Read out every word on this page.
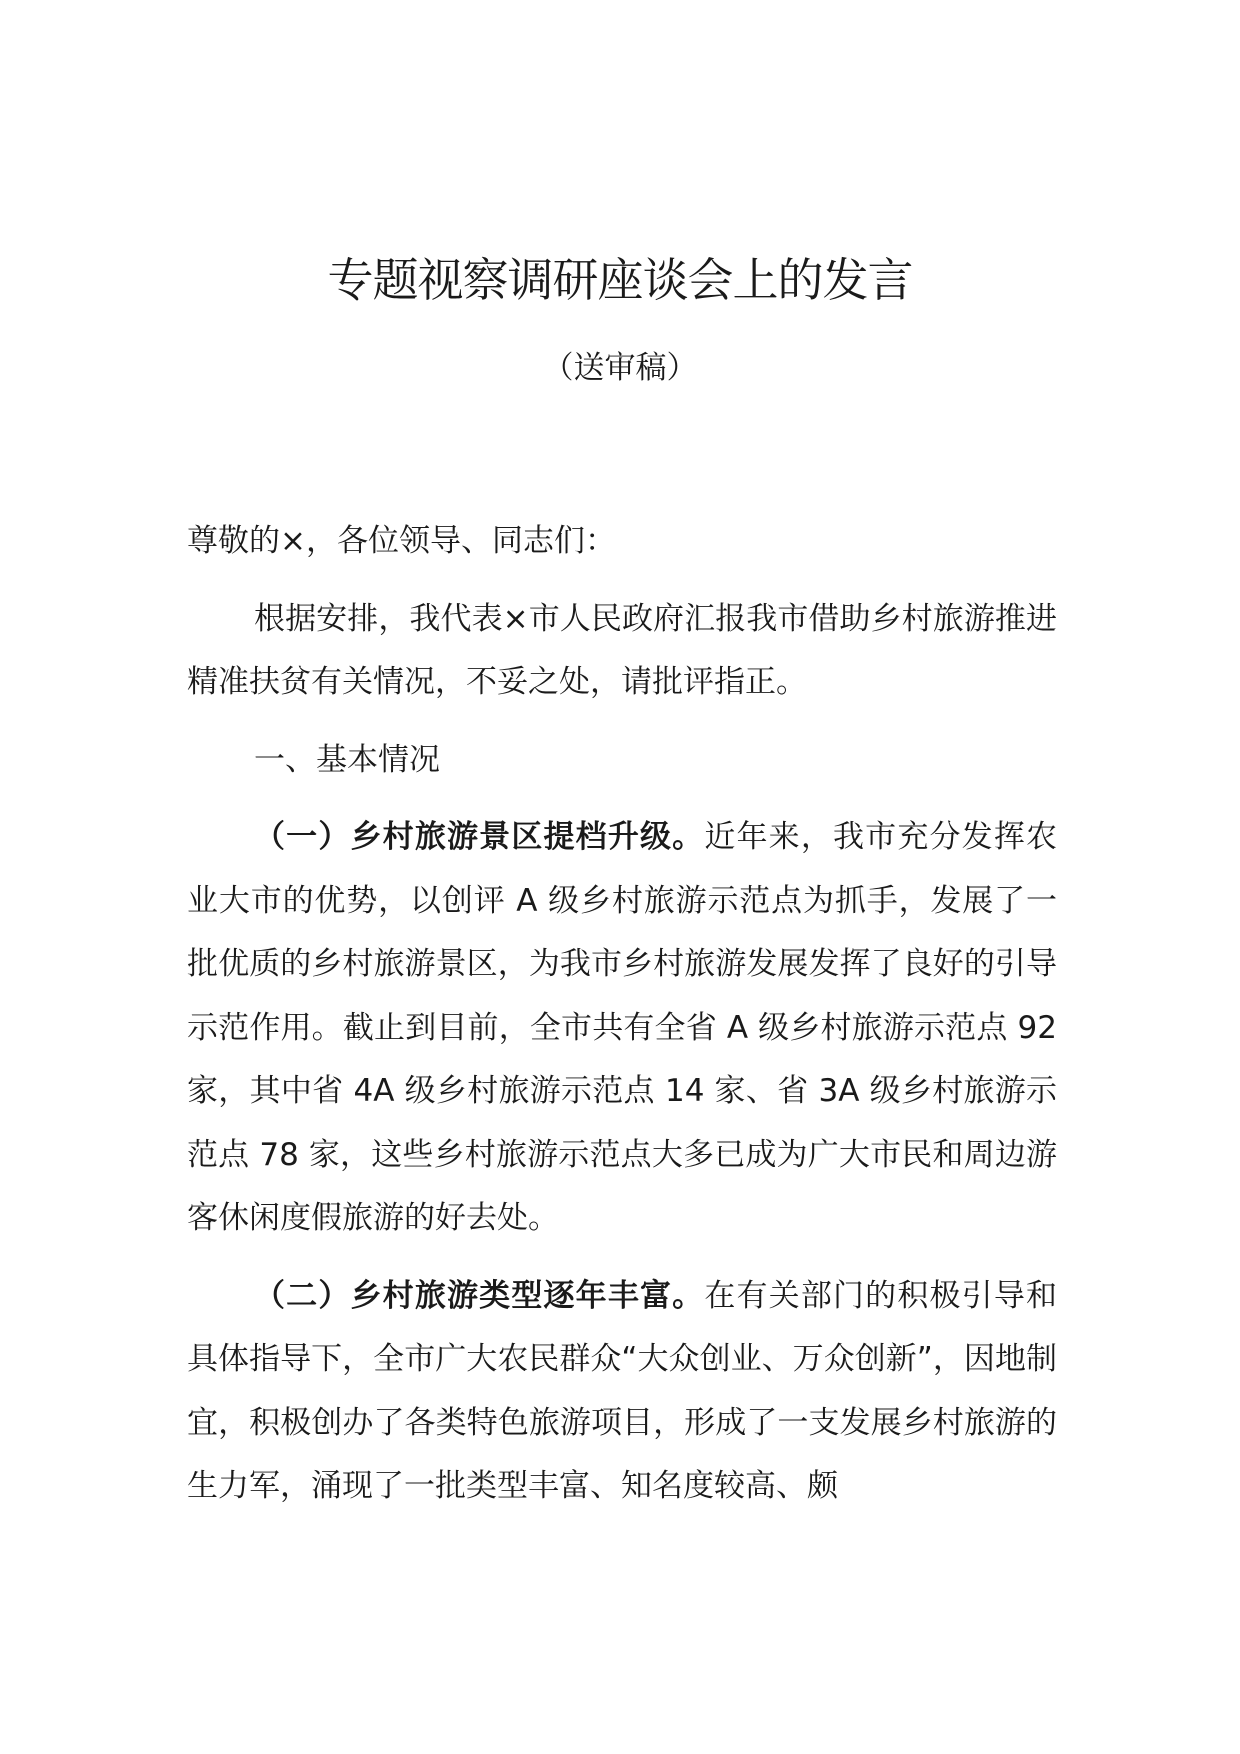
专题视察调研座谈会上的发言
（送审稿）

尊敬的×，各位领导、同志们：

根据安排，我代表×市人民政府汇报我市借助乡村旅游推进精准扶贫有关情况，不妥之处，请批评指正。

一、基本情况

（一）乡村旅游景区提档升级。近年来，我市充分发挥农业大市的优势，以创评 A 级乡村旅游示范点为抓手，发展了一批优质的乡村旅游景区，为我市乡村旅游发展发挥了良好的引导示范作用。截止到目前，全市共有全省 A 级乡村旅游示范点 92 家，其中省 4A 级乡村旅游示范点 14 家、省 3A 级乡村旅游示范点 78 家，这些乡村旅游示范点大多已成为广大市民和周边游客休闲度假旅游的好去处。

（二）乡村旅游类型逐年丰富。在有关部门的积极引导和具体指导下，全市广大农民群众“大众创业、万众创新”，因地制宜，积极创办了各类特色旅游项目，形成了一支发展乡村旅游的生力军，涌现了一批类型丰富、知名度较高、颇
